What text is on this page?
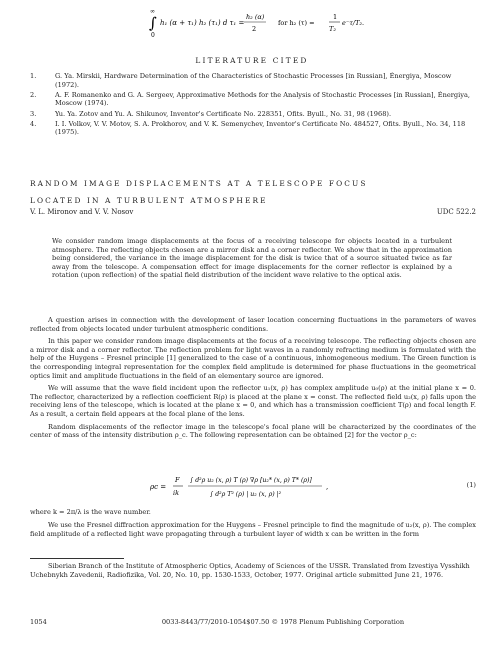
∞
∫
0
h₁ (α + τ₁) h₂ (τ₁) d τ₁ =
h₂ (α)
2
for h₂ (τ) =
1
T₂
e⁻τ/T₂.
LITERATURE CITED
1.	G. Ya. Mirskii, Hardware Determination of the Characteristics of Stochastic Processes [in Russian], Énergiya, Moscow (1972).
2.	A. F. Romanenko and G. A. Sergeev, Approximative Methods for the Analysis of Stochastic Processes [in Russian], Énergiya, Moscow (1974).
3.	Yu. Ya. Zotov and Yu. A. Shikunov, Inventor's Certificate No. 228351, Ofits. Byull., No. 31, 98 (1968).
4.	I. I. Volkov, V. V. Motov, S. A. Prokhorov, and V. K. Semenychev, Inventor's Certificate No. 484527, Ofits. Byull., No. 34, 118 (1975).
RANDOM IMAGE DISPLACEMENTS AT A TELESCOPE FOCUS
LOCATED IN A TURBULENT ATMOSPHERE
V. L. Mironov and V. V. Nosov	UDC 522.2
We consider random image displacements at the focus of a receiving telescope for objects located in a turbulent atmosphere. The reflecting objects chosen are a mirror disk and a corner reflector. We show that in the approximation being considered, the variance in the image displacement for the disk is twice that of a source situated twice as far away from the telescope. A compensation effect for image displacements for the corner reflector is explained by a rotation (upon reflection) of the spatial field distribution of the incident wave relative to the optical axis.

A question arises in connection with the development of laser location concerning fluctuations in the parameters of waves reflected from objects located under turbulent atmospheric conditions.

In this paper we consider random image displacements at the focus of a receiving telescope. The reflecting objects chosen are a mirror disk and a corner reflector. The reflection problem for light waves in a randomly refracting medium is formulated with the help of the Huygens – Fresnel principle [1] generalized to the case of a continuous, inhomogeneous medium. The Green function is the corresponding integral representation for the complex field amplitude is determined for phase fluctuations in the geometrical optics limit and amplitude fluctuations in the field of an elementary source are ignored.

We will assume that the wave field incident upon the reflector u₁(x, ρ) has complex amplitude u₀(ρ) at the initial plane x = 0. The reflector, characterized by a reflection coefficient R(ρ) is placed at the plane x = const. The reflected field u₂(x, ρ) falls upon the receiving lens of the telescope, which is located at the plane x = 0, and which has a transmission coefficient T(ρ) and focal length F. As a result, a certain field appears at the focal plane of the lens.

Random displacements of the reflector image in the telescope's focal plane will be characterized by the coordinates of the center of mass of the intensity distribution ρ_c. The following representation can be obtained [2] for the vector ρ_c:

ρc =
F
ik
∫ d²ρ u₂ (x, ρ) T (ρ) ∇ρ [u₂* (x, ρ) T* (ρ)]
∫ d²ρ T² (ρ) | u₂ (x, ρ) |²
,	(1)
where k = 2π/λ is the wave number.

We use the Fresnel diffraction approximation for the Huygens – Fresnel principle to find the magnitude of u₂(x, ρ). The complex field amplitude of a reflected light wave propagating through a turbulent layer of width x can be written in the form

Siberian Branch of the Institute of Atmospheric Optics, Academy of Sciences of the USSR. Translated from Izvestiya Vysshikh Uchebnykh Zavedenii, Radiofizika, Vol. 20, No. 10, pp. 1530-1533, October, 1977. Original article submitted June 21, 1976.
1054	0033-8443/77/2010-1054$07.50 © 1978 Plenum Publishing Corporation
